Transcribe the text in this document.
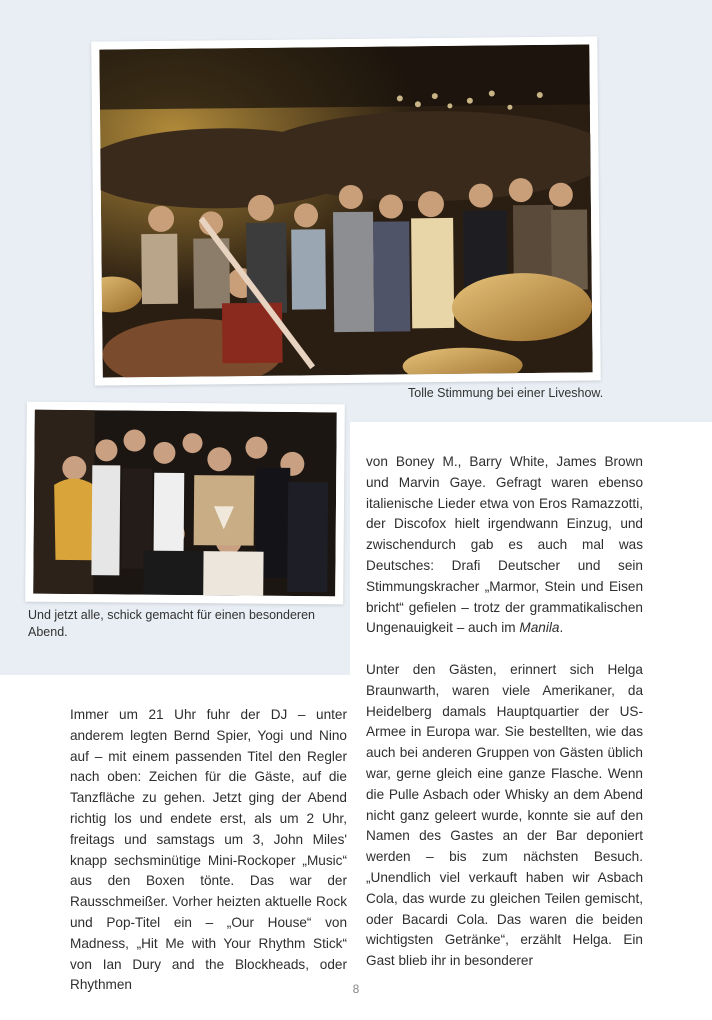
Tolle Stimmung bei einer Liveshow.
Und jetzt alle, schick gemacht für einen besonderen Abend.

Immer um 21 Uhr fuhr der DJ – unter anderem legten Bernd Spier, Yogi und Nino auf – mit einem passenden Titel den Regler nach oben: Zeichen für die Gäste, auf die Tanzfläche zu gehen. Jetzt ging der Abend richtig los und endete erst, als um 2 Uhr, freitags und samstags um 3, John Miles' knapp sechsminütige Mini-Rockoper „Music“ aus den Boxen tönte. Das war der Rausschmeißer. Vorher heizten aktuelle Rock und Pop-Titel ein – „Our House“ von Madness, „Hit Me with Your Rhythm Stick“ von Ian Dury and the Blockheads, oder Rhythmen

von Boney M., Barry White, James Brown und Marvin Gaye. Gefragt waren ebenso italienische Lieder etwa von Eros Ramazzotti, der Discofox hielt irgendwann Einzug, und zwischendurch gab es auch mal was Deutsches: Drafi Deutscher und sein Stimmungskracher „Marmor, Stein und Eisen bricht“ gefielen – trotz der grammatikalischen Ungenauigkeit – auch im Manila.

Unter den Gästen, erinnert sich Helga Braunwarth, waren viele Amerikaner, da Heidelberg damals Hauptquartier der US-Armee in Europa war. Sie bestellten, wie das auch bei anderen Gruppen von Gästen üblich war, gerne gleich eine ganze Flasche. Wenn die Pulle Asbach oder Whisky an dem Abend nicht ganz geleert wurde, konnte sie auf den Namen des Gastes an der Bar deponiert werden – bis zum nächsten Besuch. „Unendlich viel verkauft haben wir Asbach Cola, das wurde zu gleichen Teilen gemischt, oder Bacardi Cola. Das waren die beiden wichtigsten Getränke“, erzählt Helga. Ein Gast blieb ihr in besonderer

8
